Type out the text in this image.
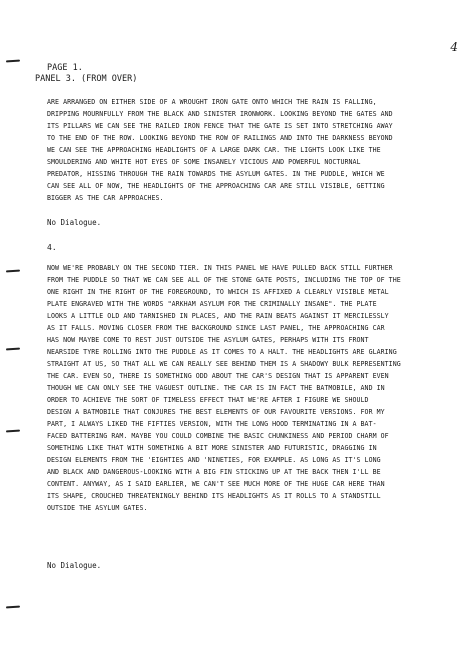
4
PAGE 1.
PANEL 3. (FROM OVER)
ARE ARRANGED ON EITHER SIDE OF A WROUGHT IRON GATE ONTO WHICH THE RAIN IS FALLING,
DRIPPING MOURNFULLY FROM THE BLACK AND SINISTER IRONWORK. LOOKING BEYOND THE GATES AND
ITS PILLARS WE CAN SEE THE RAILED IRON FENCE THAT THE GATE IS SET INTO STRETCHING AWAY
TO THE END OF THE ROW. LOOKING BEYOND THE ROW OF RAILINGS AND INTO THE DARKNESS BEYOND
WE CAN SEE THE APPROACHING HEADLIGHTS OF A LARGE DARK CAR. THE LIGHTS LOOK LIKE THE
SMOULDERING AND WHITE HOT EYES OF SOME INSANELY VICIOUS AND POWERFUL NOCTURNAL
PREDATOR, HISSING THROUGH THE RAIN TOWARDS THE ASYLUM GATES. IN THE PUDDLE, WHICH WE
CAN SEE ALL OF NOW, THE HEADLIGHTS OF THE APPROACHING CAR ARE STILL VISIBLE, GETTING
BIGGER AS THE CAR APPROACHES.
No Dialogue.
4.
NOW WE'RE PROBABLY ON THE SECOND TIER. IN THIS PANEL WE HAVE PULLED BACK STILL FURTHER
FROM THE PUDDLE SO THAT WE CAN SEE ALL OF THE STONE GATE POSTS, INCLUDING THE TOP OF THE
ONE RIGHT IN THE RIGHT OF THE FOREGROUND, TO WHICH IS AFFIXED A CLEARLY VISIBLE METAL
PLATE ENGRAVED WITH THE WORDS "ARKHAM ASYLUM FOR THE CRIMINALLY INSANE". THE PLATE
LOOKS A LITTLE OLD AND TARNISHED IN PLACES, AND THE RAIN BEATS AGAINST IT MERCILESSLY
AS IT FALLS. MOVING CLOSER FROM THE BACKGROUND SINCE LAST PANEL, THE APPROACHING CAR
HAS NOW MAYBE COME TO REST JUST OUTSIDE THE ASYLUM GATES, PERHAPS WITH ITS FRONT
NEARSIDE TYRE ROLLING INTO THE PUDDLE AS IT COMES TO A HALT. THE HEADLIGHTS ARE GLARING
STRAIGHT AT US, SO THAT ALL WE CAN REALLY SEE BEHIND THEM IS A SHADOWY BULK REPRESENTING
THE CAR. EVEN SO, THERE IS SOMETHING ODD ABOUT THE CAR'S DESIGN THAT IS APPARENT EVEN
THOUGH WE CAN ONLY SEE THE VAGUEST OUTLINE. THE CAR IS IN FACT THE BATMOBILE, AND IN
ORDER TO ACHIEVE THE SORT OF TIMELESS EFFECT THAT WE'RE AFTER I FIGURE WE SHOULD
DESIGN A BATMOBILE THAT CONJURES THE BEST ELEMENTS OF OUR FAVOURITE VERSIONS. FOR MY
PART, I ALWAYS LIKED THE FIFTIES VERSION, WITH THE LONG HOOD TERMINATING IN A BAT-
FACED BATTERING RAM. MAYBE YOU COULD COMBINE THE BASIC CHUNKINESS AND PERIOD CHARM OF
SOMETHING LIKE THAT WITH SOMETHING A BIT MORE SINISTER AND FUTURISTIC, DRAGGING IN
DESIGN ELEMENTS FROM THE 'EIGHTIES AND 'NINETIES, FOR EXAMPLE. AS LONG AS IT'S LONG
AND BLACK AND DANGEROUS-LOOKING WITH A BIG FIN STICKING UP AT THE BACK THEN I'LL BE
CONTENT. ANYWAY, AS I SAID EARLIER, WE CAN'T SEE MUCH MORE OF THE HUGE CAR HERE THAN
ITS SHAPE, CROUCHED THREATENINGLY BEHIND ITS HEADLIGHTS AS IT ROLLS TO A STANDSTILL
OUTSIDE THE ASYLUM GATES.
No Dialogue.
